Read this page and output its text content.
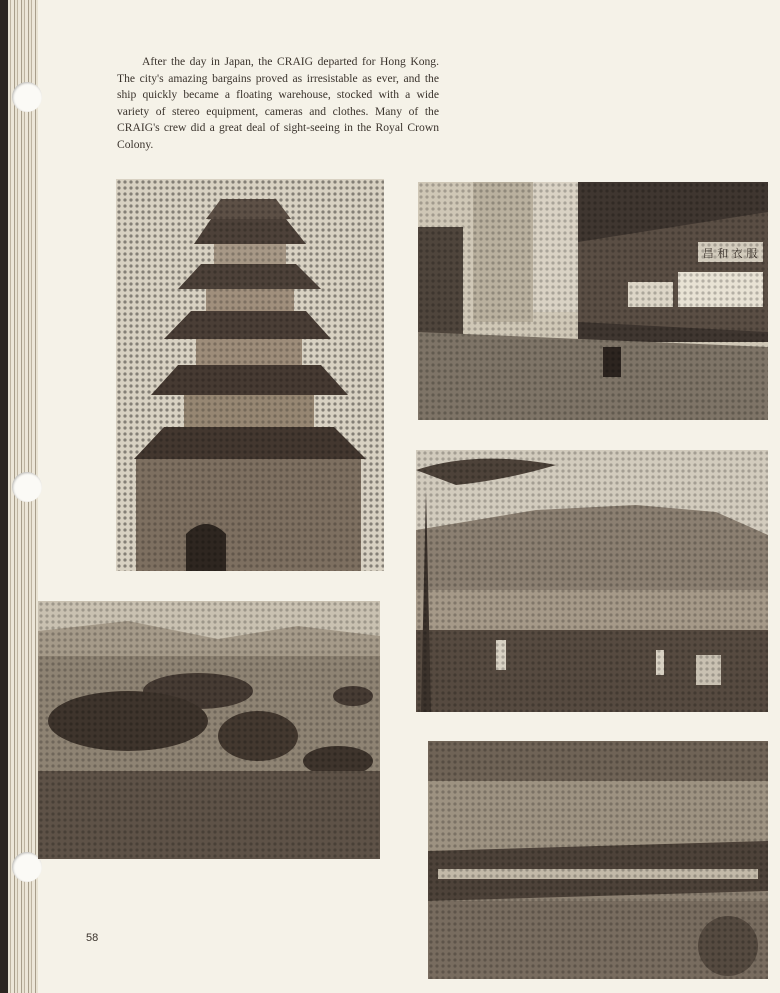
After the day in Japan, the CRAIG departed for Hong Kong. The city's amazing bargains proved as irresistable as ever, and the ship quickly became a floating warehouse, stocked with a wide variety of stereo equipment, cameras and clothes. Many of the CRAIG's crew did a great deal of sight-seeing in the Royal Crown Colony.

58
